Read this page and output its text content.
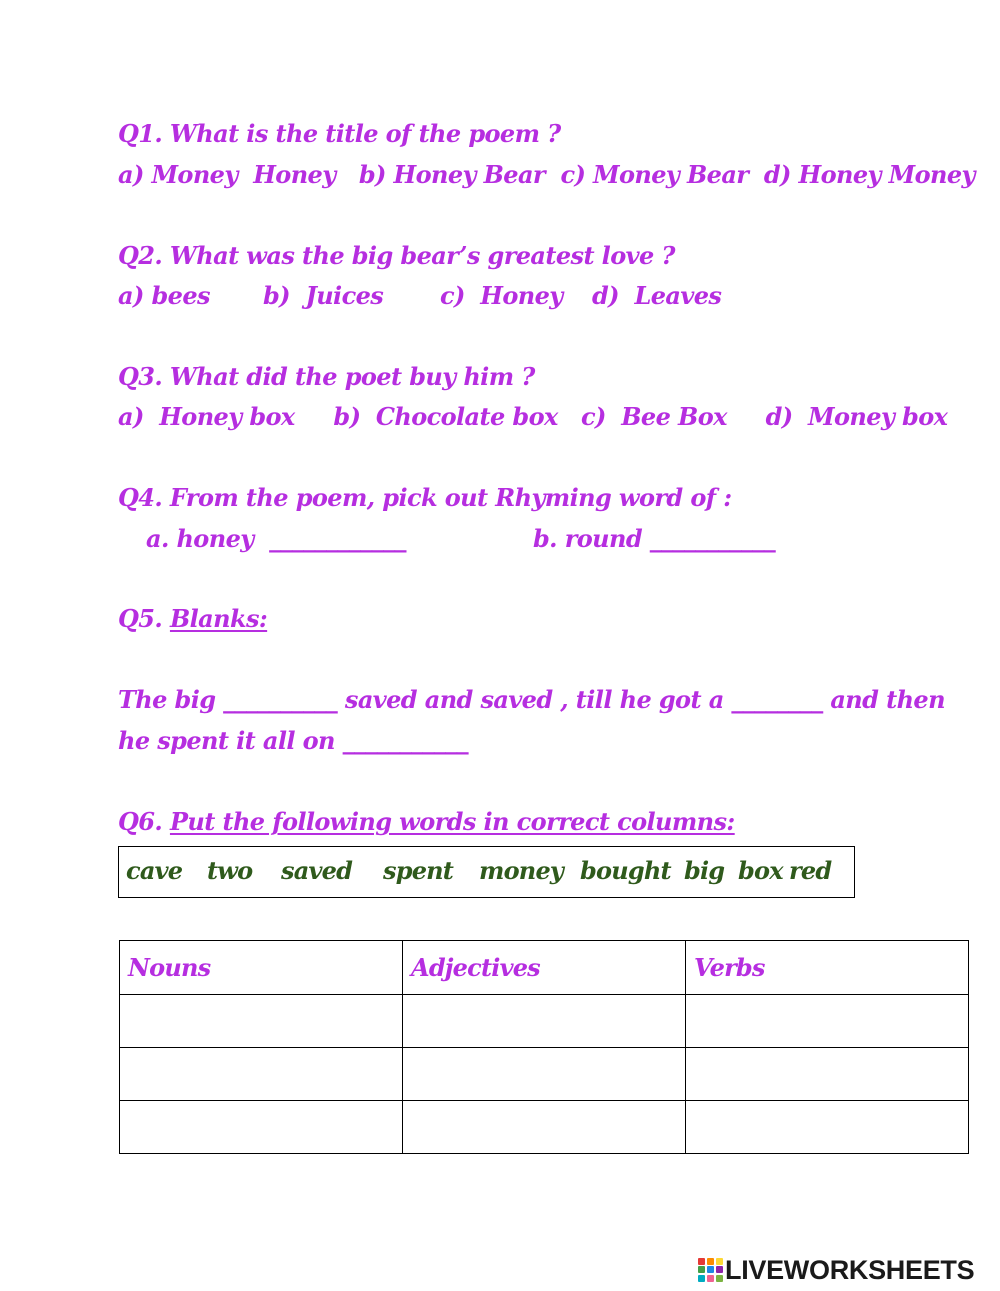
Q1. What is the title of the poem ?
a) Money  Honey   b) Honey Bear  c) Money Bear  d) Honey Money
Q2. What was the big bear’s greatest love ?
a) bees b)  Juices c)  Honey d)  Leaves
Q3. What did the poet buy him ?
a)  Honey box     b)  Chocolate box   c)  Bee Box     d)  Money box
Q4. From the poem, pick out Rhyming word of :
a. honey  ____________	b. round ___________
Q5. Blanks:
The big __________ saved and saved , till he got a ________ and then
he spent it all on ___________
Q6. Put the following words in correct columns:
cave two saved spent money bought big box red
Nouns	Adjectives	Verbs

LIVEWORKSHEETS
